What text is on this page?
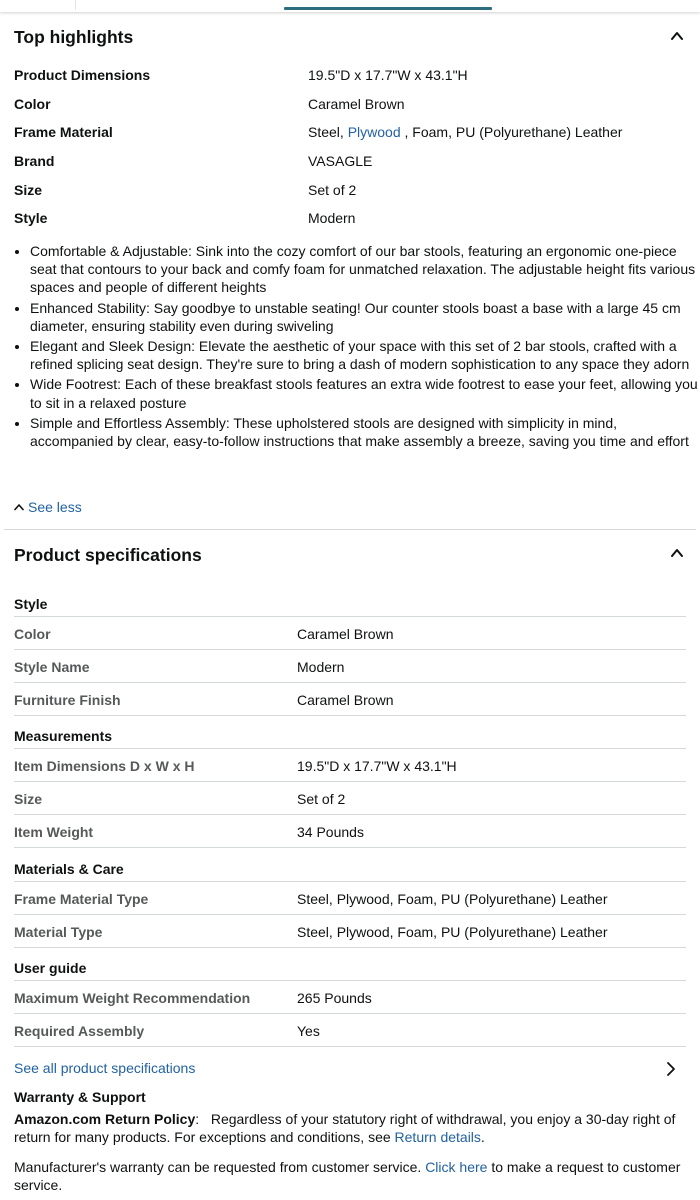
Top highlights
Product Dimensions	19.5"D x 17.7"W x 43.1"H
Color	Caramel Brown
Frame Material	Steel, Plywood , Foam, PU (Polyurethane) Leather
Brand	VASAGLE
Size	Set of 2
Style	Modern
• Comfortable & Adjustable: Sink into the cozy comfort of our bar stools, featuring an ergonomic one-piece seat that contours to your back and comfy foam for unmatched relaxation. The adjustable height fits various spaces and people of different heights
• Enhanced Stability: Say goodbye to unstable seating! Our counter stools boast a base with a large 45 cm diameter, ensuring stability even during swiveling
• Elegant and Sleek Design: Elevate the aesthetic of your space with this set of 2 bar stools, crafted with a refined splicing seat design. They're sure to bring a dash of modern sophistication to any space they adorn
• Wide Footrest: Each of these breakfast stools features an extra wide footrest to ease your feet, allowing you to sit in a relaxed posture
• Simple and Effortless Assembly: These upholstered stools are designed with simplicity in mind, accompanied by clear, easy-to-follow instructions that make assembly a breeze, saving you time and effort
See less
Product specifications
Style
Color	Caramel Brown
Style Name	Modern
Furniture Finish	Caramel Brown
Measurements
Item Dimensions D x W x H	19.5"D x 17.7"W x 43.1"H
Size	Set of 2
Item Weight	34 Pounds
Materials & Care
Frame Material Type	Steel, Plywood, Foam, PU (Polyurethane) Leather
Material Type	Steel, Plywood, Foam, PU (Polyurethane) Leather
User guide
Maximum Weight Recommendation	265 Pounds
Required Assembly	Yes
See all product specifications
Warranty & Support
Amazon.com Return Policy: Regardless of your statutory right of withdrawal, you enjoy a 30-day right of return for many products. For exceptions and conditions, see Return details.
Manufacturer's warranty can be requested from customer service. Click here to make a request to customer service.
